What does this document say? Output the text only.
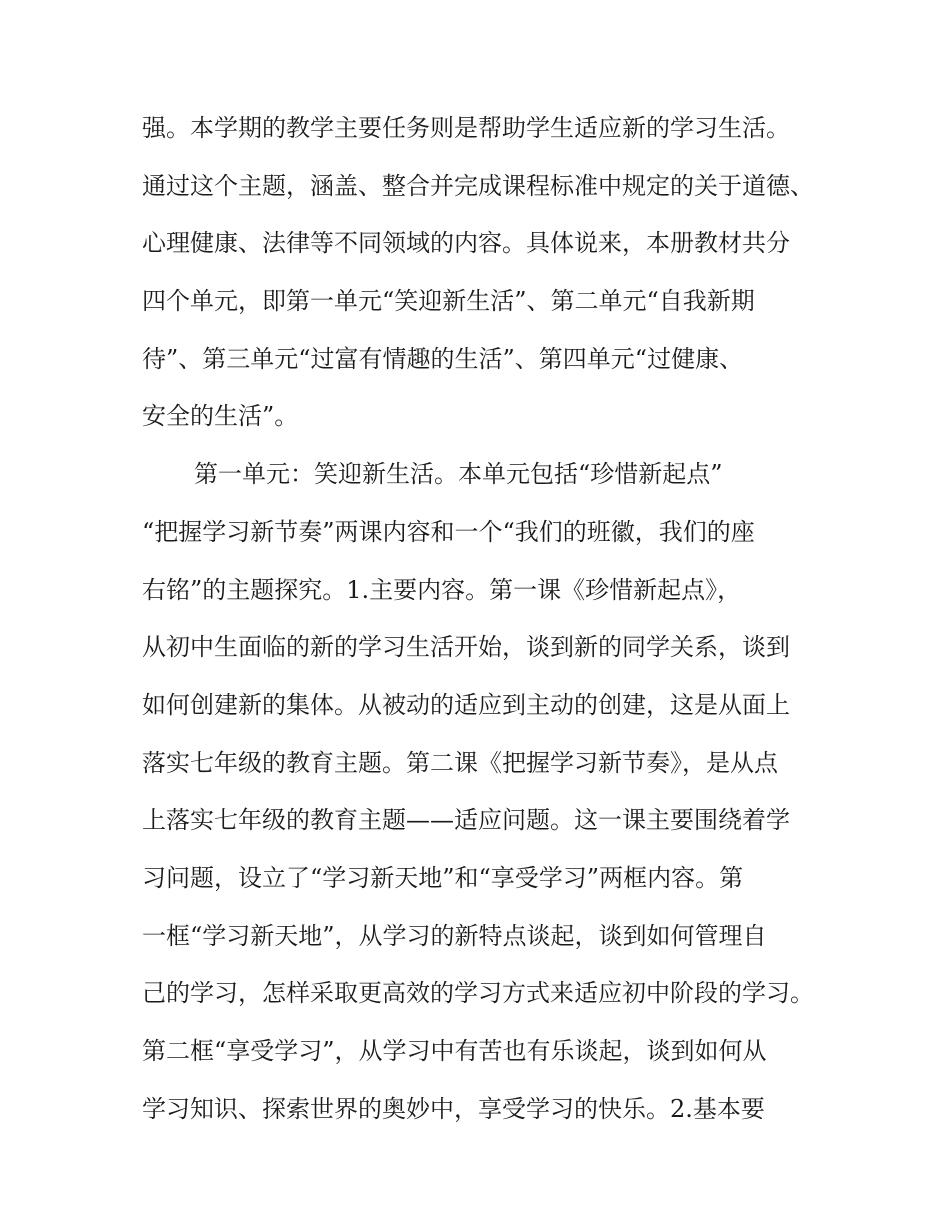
强。本学期的教学主要任务则是帮助学生适应新的学习生活。
通过这个主题，涵盖、整合并完成课程标准中规定的关于道德、
心理健康、法律等不同领域的内容。具体说来，本册教材共分
四个单元，即第一单元“笑迎新生活”、第二单元“自我新期
待”、第三单元“过富有情趣的生活”、第四单元“过健康、
安全的生活”。
第一单元：笑迎新生活。本单元包括“珍惜新起点”
“把握学习新节奏”两课内容和一个“我们的班徽，我们的座
右铭”的主题探究。1.主要内容。第一课《珍惜新起点》，
从初中生面临的新的学习生活开始，谈到新的同学关系，谈到
如何创建新的集体。从被动的适应到主动的创建，这是从面上
落实七年级的教育主题。第二课《把握学习新节奏》，是从点
上落实七年级的教育主题——适应问题。这一课主要围绕着学
习问题，设立了“学习新天地”和“享受学习”两框内容。第
一框“学习新天地”，从学习的新特点谈起，谈到如何管理自
己的学习，怎样采取更高效的学习方式来适应初中阶段的学习。
第二框“享受学习”，从学习中有苦也有乐谈起，谈到如何从
学习知识、探索世界的奥妙中，享受学习的快乐。2.基本要
